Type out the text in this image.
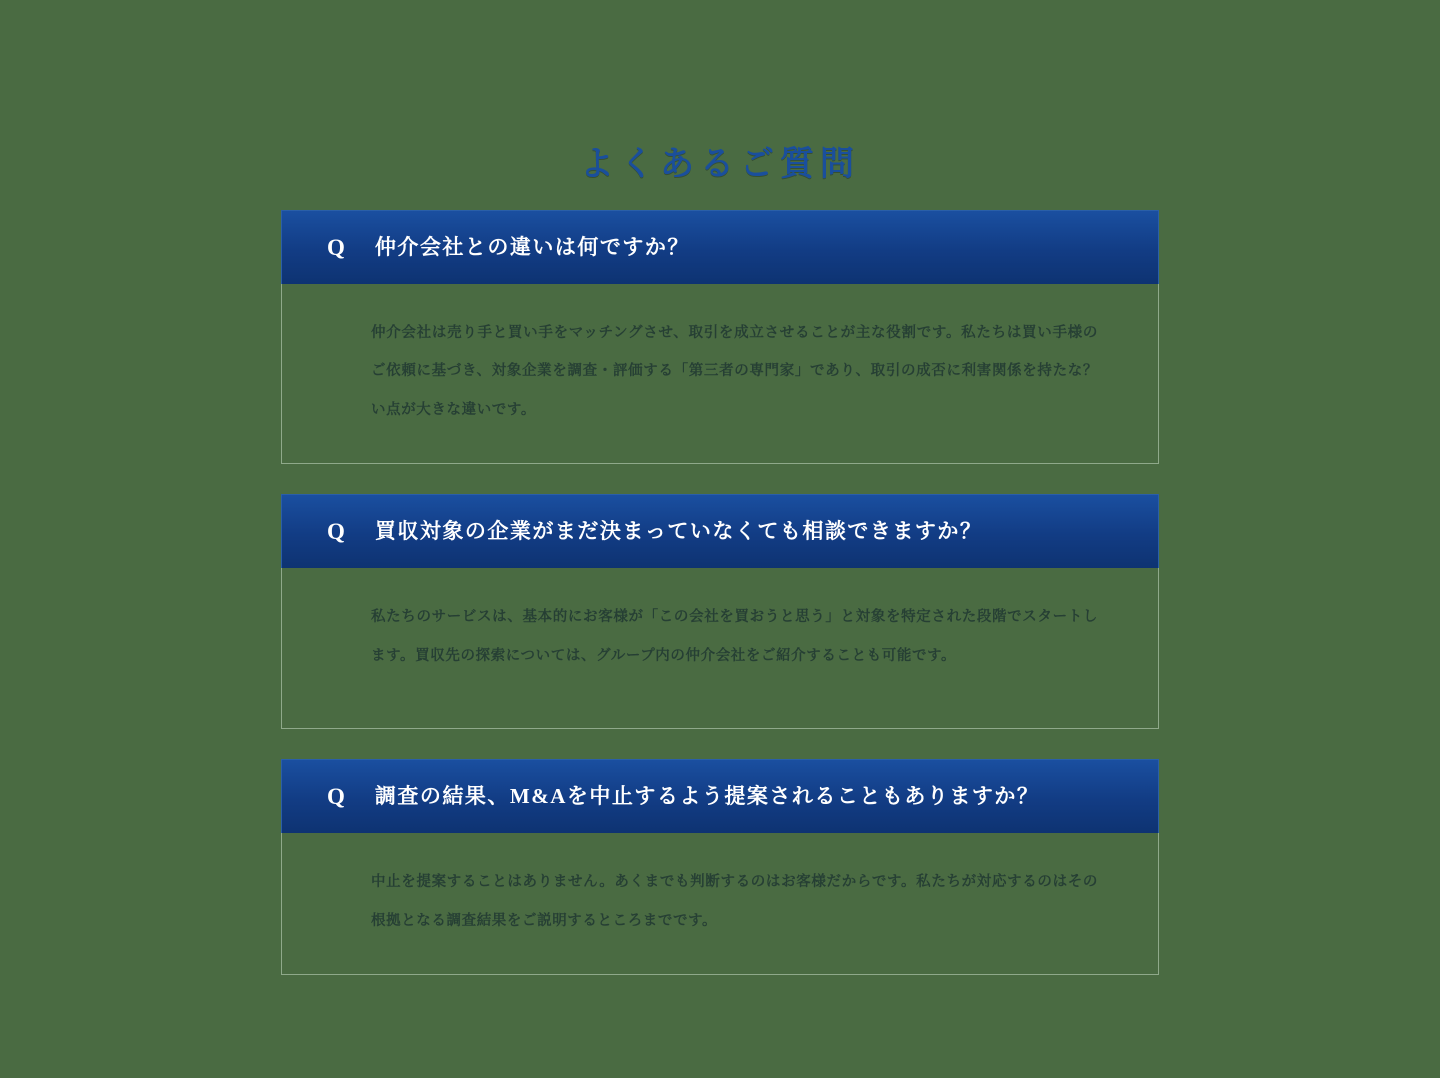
よくあるご質問
Q 仲介会社との違いは何ですか？

仲介会社は売り手と買い手をマッチングさせ、取引を成立させることが主な役割です。私たちは買い手様のご依頼に基づき、対象企業を調査・評価する「第三者の専門家」であり、取引の成否に利害関係を持たな？い点が大きな違いです。

Q 買収対象の企業がまだ決まっていなくても相談できますか？

私たちのサービスは、基本的にお客様が「この会社を買おうと思う」と対象を特定された段階でスタートします。買収先の探索については、グループ内の仲介会社をご紹介することも可能です。

Q 調査の結果、M&Aを中止するよう提案されることもありますか？

中止を提案することはありません。あくまでも判断するのはお客様だからです。私たちが対応するのはその根拠となる調査結果をご説明するところまでです。
